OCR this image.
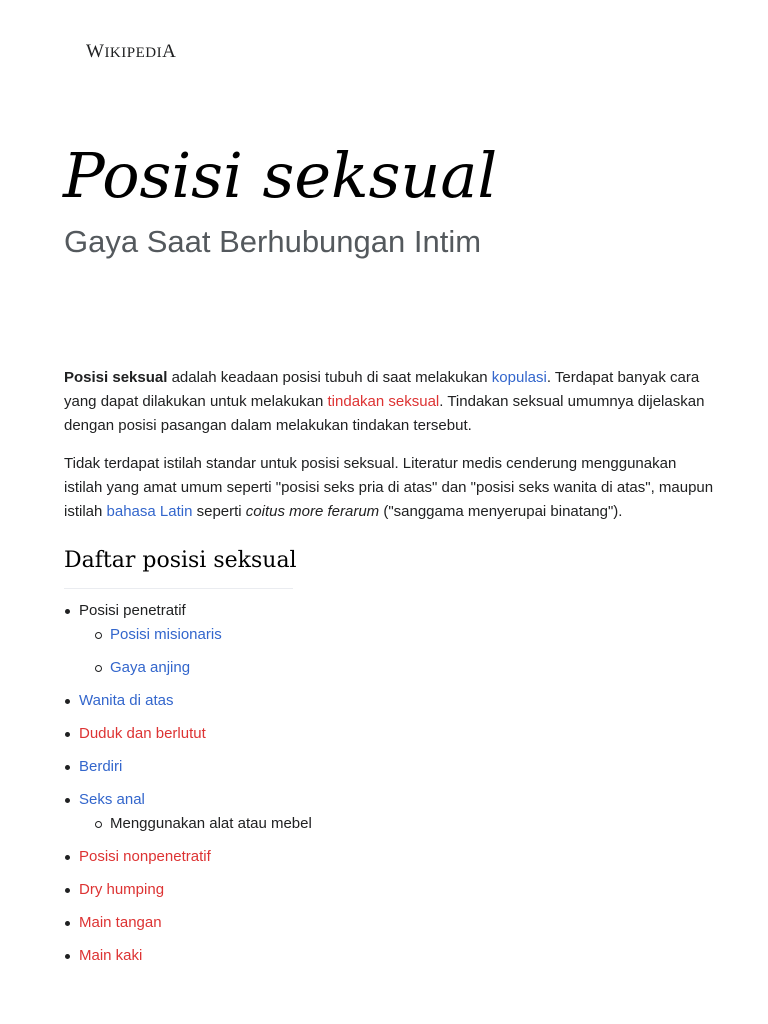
WIKIPEDIA
Posisi seksual
Gaya Saat Berhubungan Intim

Posisi seksual adalah keadaan posisi tubuh di saat melakukan kopulasi. Terdapat banyak cara yang dapat dilakukan untuk melakukan tindakan seksual. Tindakan seksual umumnya dijelaskan dengan posisi pasangan dalam melakukan tindakan tersebut.

Tidak terdapat istilah standar untuk posisi seksual. Literatur medis cenderung menggunakan istilah yang amat umum seperti "posisi seks pria di atas" dan "posisi seks wanita di atas", maupun istilah bahasa Latin seperti coitus more ferarum ("sanggama menyerupai binatang").

Daftar posisi seksual
Posisi penetratif
Posisi misionaris
Gaya anjing
Wanita di atas
Duduk dan berlutut
Berdiri
Seks anal
Menggunakan alat atau mebel
Posisi nonpenetratif
Dry humping
Main tangan
Main kaki
